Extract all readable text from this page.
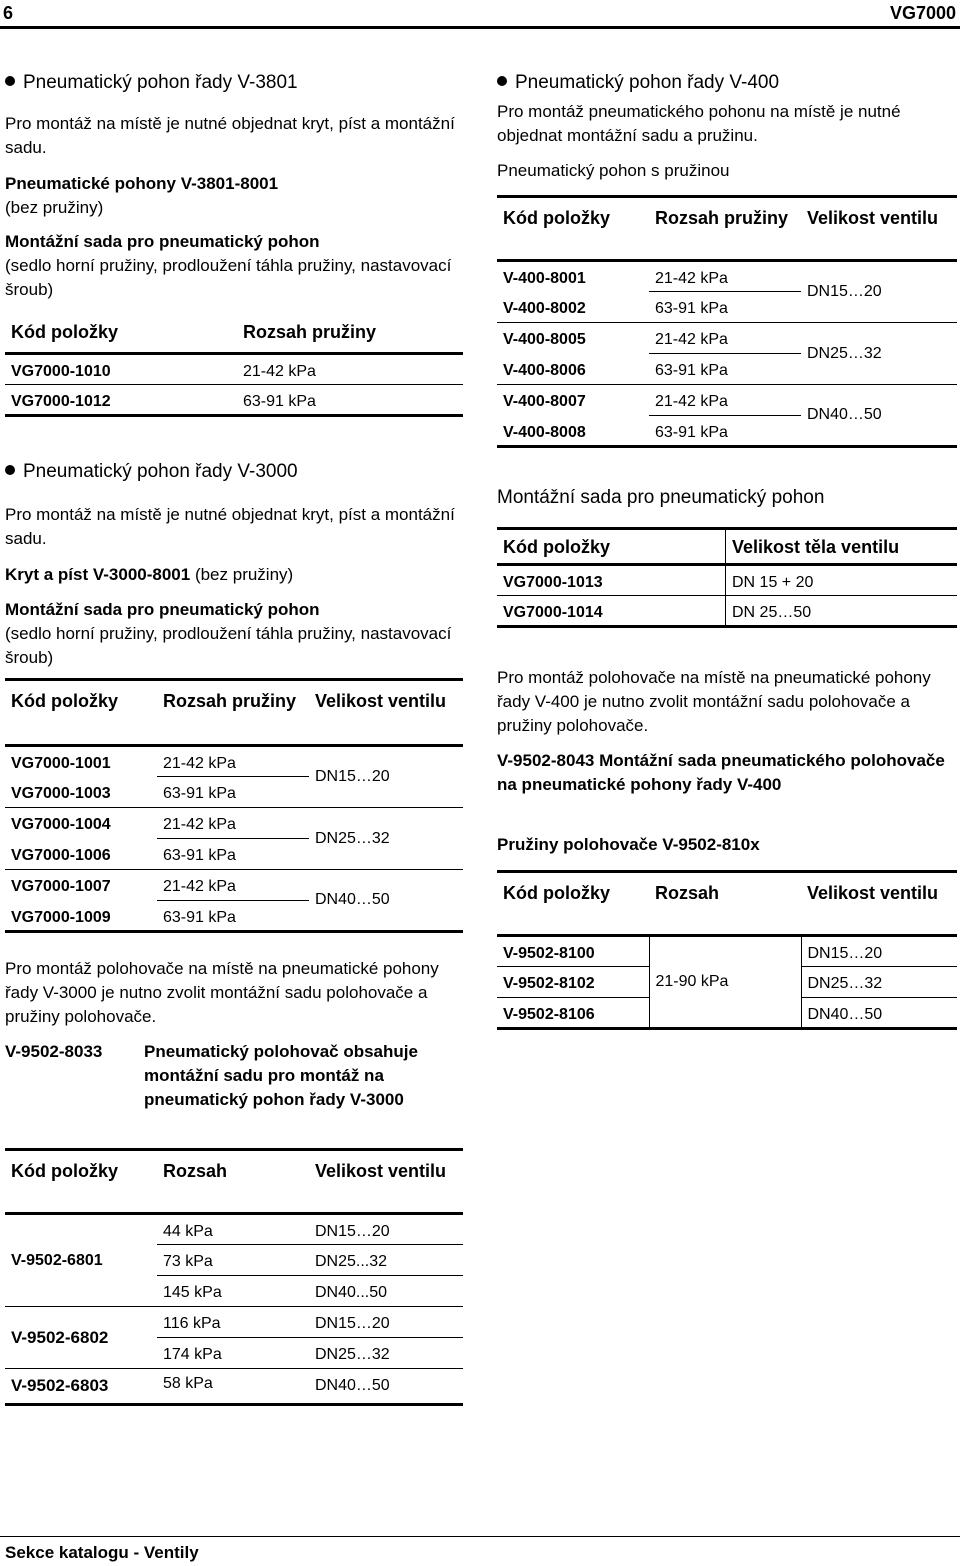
6	VG7000
Pneumatický pohon řady V-3801

Pro montáž na místě je nutné objednat kryt, píst a montážní sadu.

Pneumatické pohony V-3801-8001
(bez pružiny)

Montážní sada pro pneumatický pohon
(sedlo horní pružiny, prodloužení táhla pružiny, nastavovací šroub)

Kód položky	Rozsah pružiny
VG7000-1010	21-42 kPa
VG7000-1012	63-91 kPa
Pneumatický pohon řady V-3000

Pro montáž na místě je nutné objednat kryt, píst a montážní sadu.

Kryt a píst V-3000-8001 (bez pružiny)

Montážní sada pro pneumatický pohon
(sedlo horní pružiny, prodloužení táhla pružiny, nastavovací šroub)

Kód položky	Rozsah pružiny	Velikost ventilu
VG7000-1001	21-42 kPa	DN15…20
VG7000-1003	63-91 kPa	
VG7000-1004	21-42 kPa	DN25…32
VG7000-1006	63-91 kPa	
VG7000-1007	21-42 kPa	DN40…50
VG7000-1009	63-91 kPa	

Pro montáž polohovače na místě na pneumatické pohony řady V-3000 je nutno zvolit montážní sadu polohovače a pružiny polohovače.

V-9502-8033 Pneumatický polohovač obsahuje montážní sadu pro montáž na pneumatický pohon řady V-3000
Kód položky	Rozsah	Velikost ventilu
V-9502-6801	44 kPa	DN15…20
	73 kPa	DN25...32
	145 kPa	DN40...50
V-9502-6802	116 kPa	DN15…20
	174 kPa	DN25…32
V-9502-6803	58 kPa	DN40…50
Pneumatický pohon řady V-400

Pro montáž pneumatického pohonu na místě je nutné objednat montážní sadu a pružinu.

Pneumatický pohon s pružinou

Kód položky	Rozsah pružiny	Velikost ventilu
V-400-8001	21-42 kPa	DN15…20
V-400-8002	63-91 kPa	
V-400-8005	21-42 kPa	DN25…32
V-400-8006	63-91 kPa	
V-400-8007	21-42 kPa	DN40…50
V-400-8008	63-91 kPa	
Montážní sada pro pneumatický pohon
Kód položky	Velikost těla ventilu
VG7000-1013	DN 15 + 20
VG7000-1014	DN 25…50

Pro montáž polohovače na místě na pneumatické pohony řady V-400 je nutno zvolit montážní sadu polohovače a pružiny polohovače.

V-9502-8043 Montážní sada pneumatického polohovače na pneumatické pohony řady V-400

Pružiny polohovače V-9502-810x

Kód položky	Rozsah	Velikost ventilu
V-9502-8100	21-90 kPa	DN15…20
V-9502-8102		DN25…32
V-9502-8106		DN40…50
Sekce katalogu - Ventily
